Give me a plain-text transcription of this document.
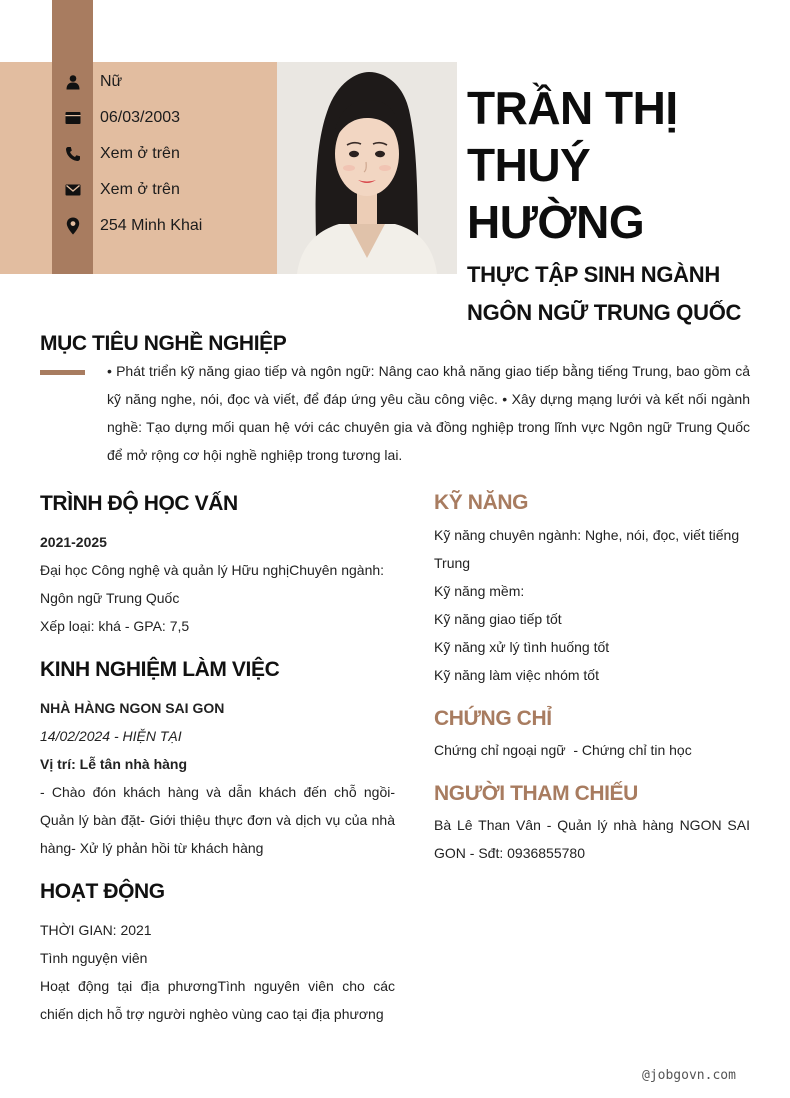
Nữ
06/03/2003
Xem ở trên
Xem ở trên
254 Minh Khai
TRẦN THỊ THUÝ HƯỜNG
THỰC TẬP SINH NGÀNH NGÔN NGỮ TRUNG QUỐC
MỤC TIÊU NGHỀ NGHIỆP
• Phát triển kỹ năng giao tiếp và ngôn ngữ: Nâng cao khả năng giao tiếp bằng tiếng Trung, bao gồm cả kỹ năng nghe, nói, đọc và viết, để đáp ứng yêu cầu công việc. • Xây dựng mạng lưới và kết nối ngành nghề: Tạo dựng mối quan hệ với các chuyên gia và đồng nghiệp trong lĩnh vực Ngôn ngữ Trung Quốc để mở rộng cơ hội nghề nghiệp trong tương lai.
TRÌNH ĐỘ HỌC VẤN
2021-2025
Đại học Công nghệ và quản lý Hữu nghịChuyên ngành:
Ngôn ngữ Trung Quốc
Xếp loại: khá - GPA: 7,5
KINH NGHIỆM LÀM VIỆC
NHÀ HÀNG NGON SAI GON
14/02/2024 - HIỆN TẠI
Vị trí: Lễ tân nhà hàng
- Chào đón khách hàng và dẫn khách đến chỗ ngồi- Quản lý bàn đặt- Giới thiệu thực đơn và dịch vụ của nhà hàng- Xử lý phản hồi từ khách hàng
HOẠT ĐỘNG
THỜI GIAN: 2021
Tình nguyện viên
Hoạt động tại địa phươngTình nguyên viên cho các chiến dịch hỗ trợ người nghèo vùng cao tại địa phương
KỸ NĂNG
Kỹ năng chuyên ngành: Nghe, nói, đọc, viết tiếng Trung
Kỹ năng mềm:
Kỹ năng giao tiếp tốt
Kỹ năng xử lý tình huống tốt
Kỹ năng làm việc nhóm tốt
CHỨNG CHỈ
Chứng chỉ ngoại ngữ  - Chứng chỉ tin học
NGƯỜI THAM CHIẾU
Bà Lê Than Vân - Quản lý nhà hàng NGON SAI GON - Sđt: 0936855780
@jobgovn.com
